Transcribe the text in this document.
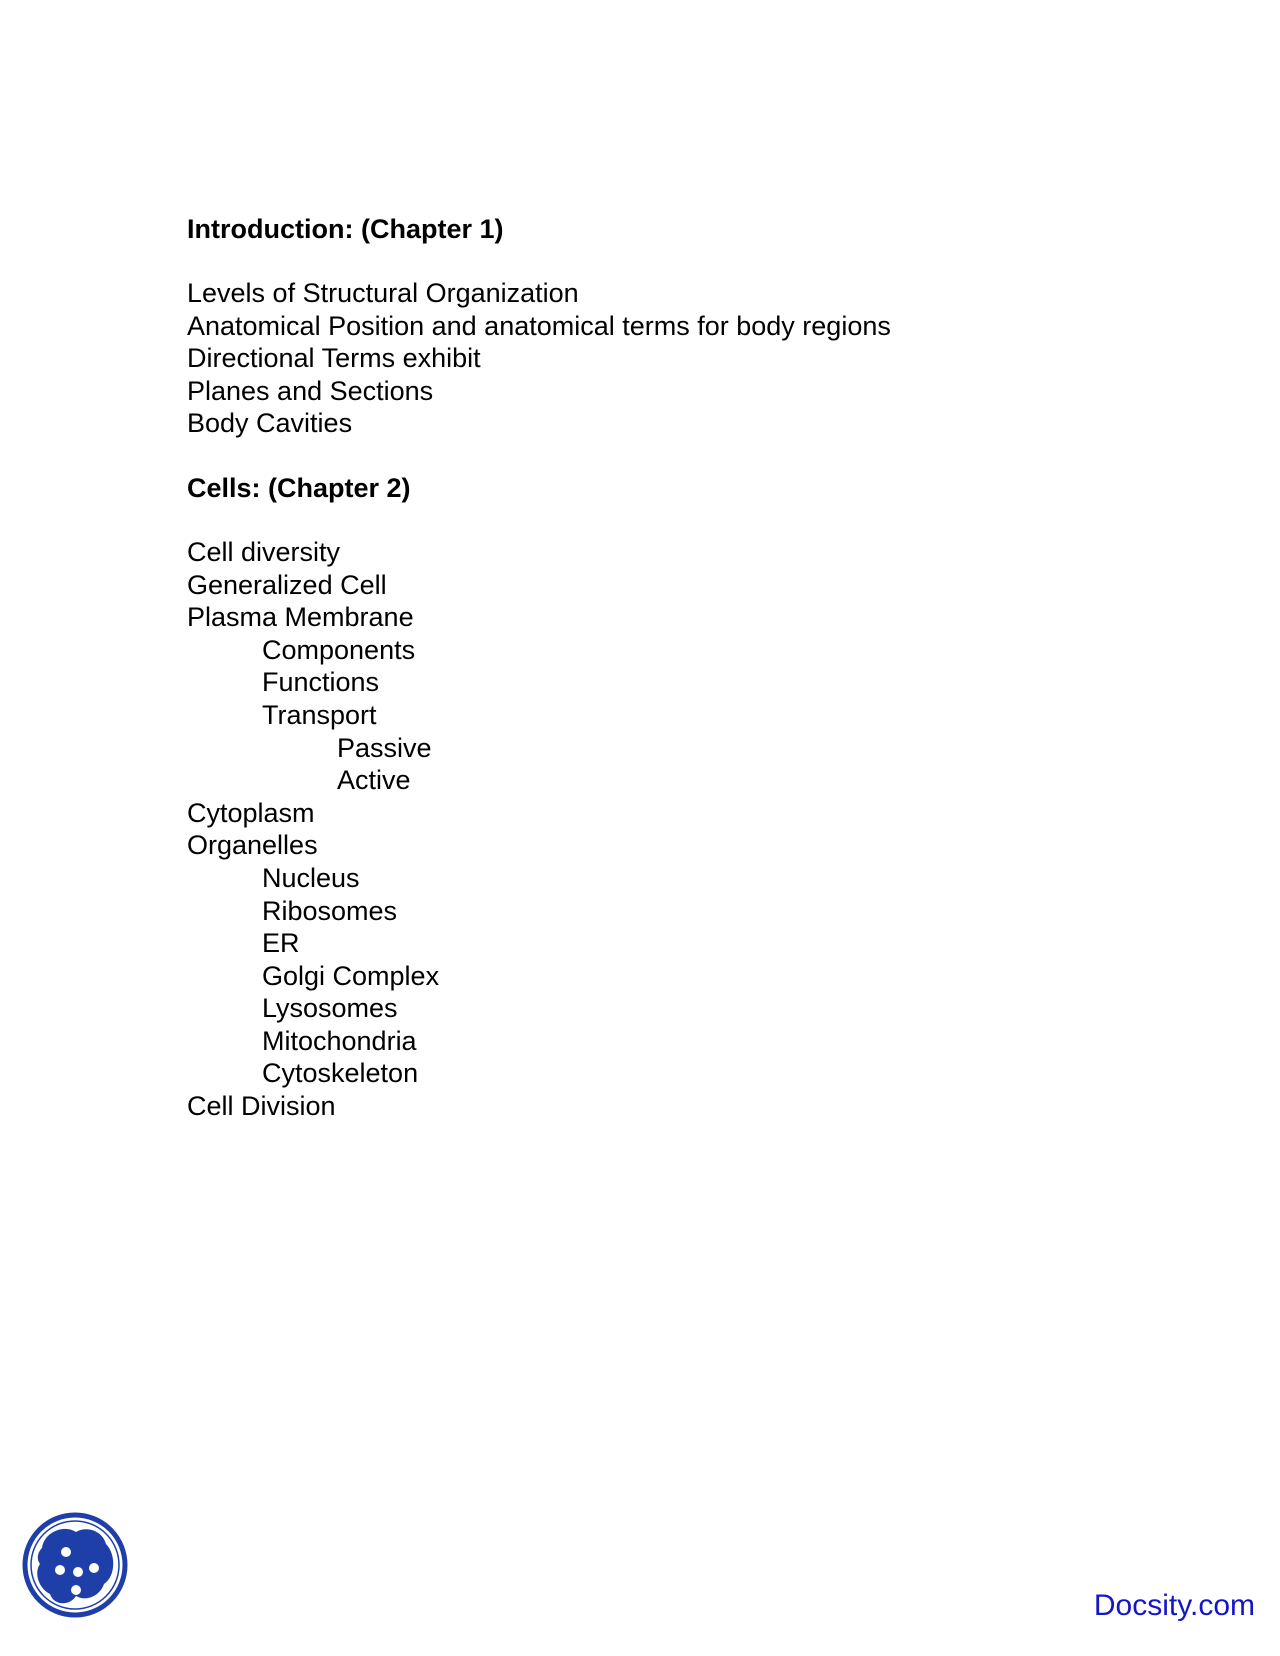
Introduction: (Chapter 1)
Levels of Structural Organization
Anatomical Position and anatomical terms for body regions
Directional Terms exhibit
Planes and Sections
Body Cavities
Cells: (Chapter 2)
Cell diversity
Generalized Cell
Plasma Membrane
Components
Functions
Transport
Passive
Active
Cytoplasm
Organelles
Nucleus
Ribosomes
ER
Golgi Complex
Lysosomes
Mitochondria
Cytoskeleton
Cell Division
Docsity.com
